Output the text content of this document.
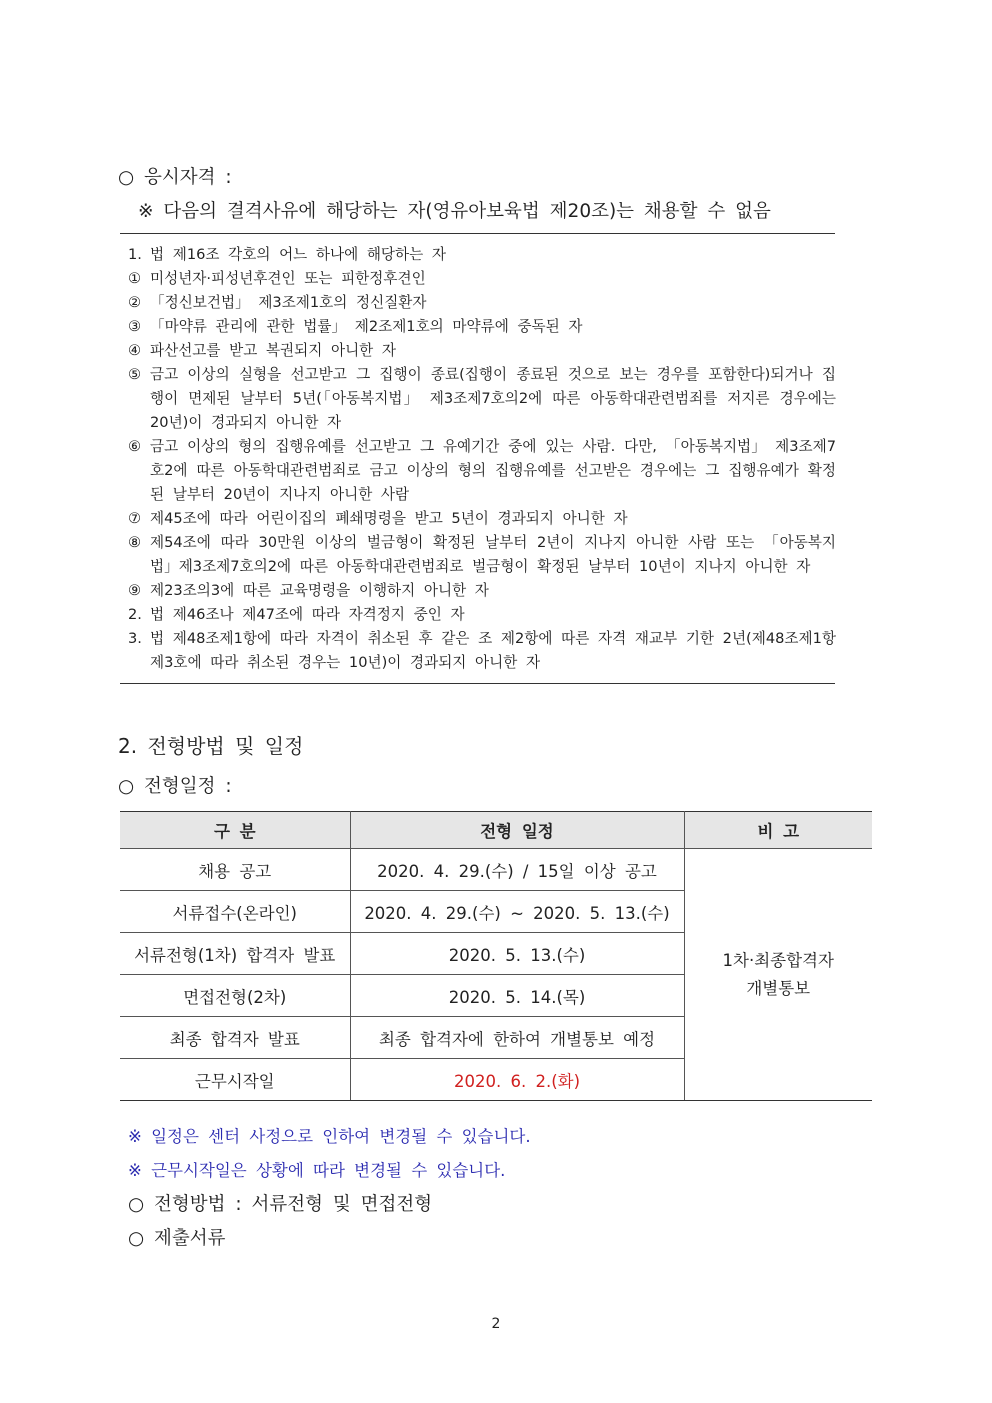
○ 응시자격 :
※ 다음의 결격사유에 해당하는 자(영유아보육법 제20조)는 채용할 수 없음
1. 법 제16조 각호의 어느 하나에 해당하는 자
① 미성년자·피성년후견인 또는 피한정후견인
② 「정신보건법」 제3조제1호의 정신질환자
③ 「마약류 관리에 관한 법률」 제2조제1호의 마약류에 중독된 자
④ 파산선고를 받고 복권되지 아니한 자
⑤ 금고 이상의 실형을 선고받고 그 집행이 종료(집행이 종료된 것으로 보는 경우를 포함한다)되거나 집행이 면제된 날부터 5년(「아동복지법」 제3조제7호의2에 따른 아동학대관련범죄를 저지른 경우에는 20년)이 경과되지 아니한 자
⑥ 금고 이상의 형의 집행유예를 선고받고 그 유예기간 중에 있는 사람. 다만, 「아동복지법」 제3조제7호2에 따른 아동학대관련범죄로 금고 이상의 형의 집행유예를 선고받은 경우에는 그 집행유예가 확정된 날부터 20년이 지나지 아니한 사람
⑦ 제45조에 따라 어린이집의 폐쇄명령을 받고 5년이 경과되지 아니한 자
⑧ 제54조에 따라 30만원 이상의 벌금형이 확정된 날부터 2년이 지나지 아니한 사람 또는 「아동복지법」제3조제7호의2에 따른 아동학대관련범죄로 벌금형이 확정된 날부터 10년이 지나지 아니한 자
⑨ 제23조의3에 따른 교육명령을 이행하지 아니한 자
2. 법 제46조나 제47조에 따라 자격정지 중인 자
3. 법 제48조제1항에 따라 자격이 취소된 후 같은 조 제2항에 따른 자격 재교부 기한 2년(제48조제1항제3호에 따라 취소된 경우는 10년)이 경과되지 아니한 자
2. 전형방법 및 일정
○ 전형일정 :
구 분	전형 일정	비 고
채용 공고	2020. 4. 29.(수) / 15일 이상 공고	1차·최종합격자
개별통보

서류접수(온라인)	2020. 4. 29.(수) ~ 2020. 5. 13.(수)	
서류전형(1차) 합격자 발표	2020. 5. 13.(수)	
면접전형(2차)	2020. 5. 14.(목)	
최종 합격자 발표	최종 합격자에 한하여 개별통보 예정	
근무시작일	2020. 6. 2.(화)	
※ 일정은 센터 사정으로 인하여 변경될 수 있습니다.
※ 근무시작일은 상황에 따라 변경될 수 있습니다.
○ 전형방법 : 서류전형 및 면접전형
○ 제출서류
2
